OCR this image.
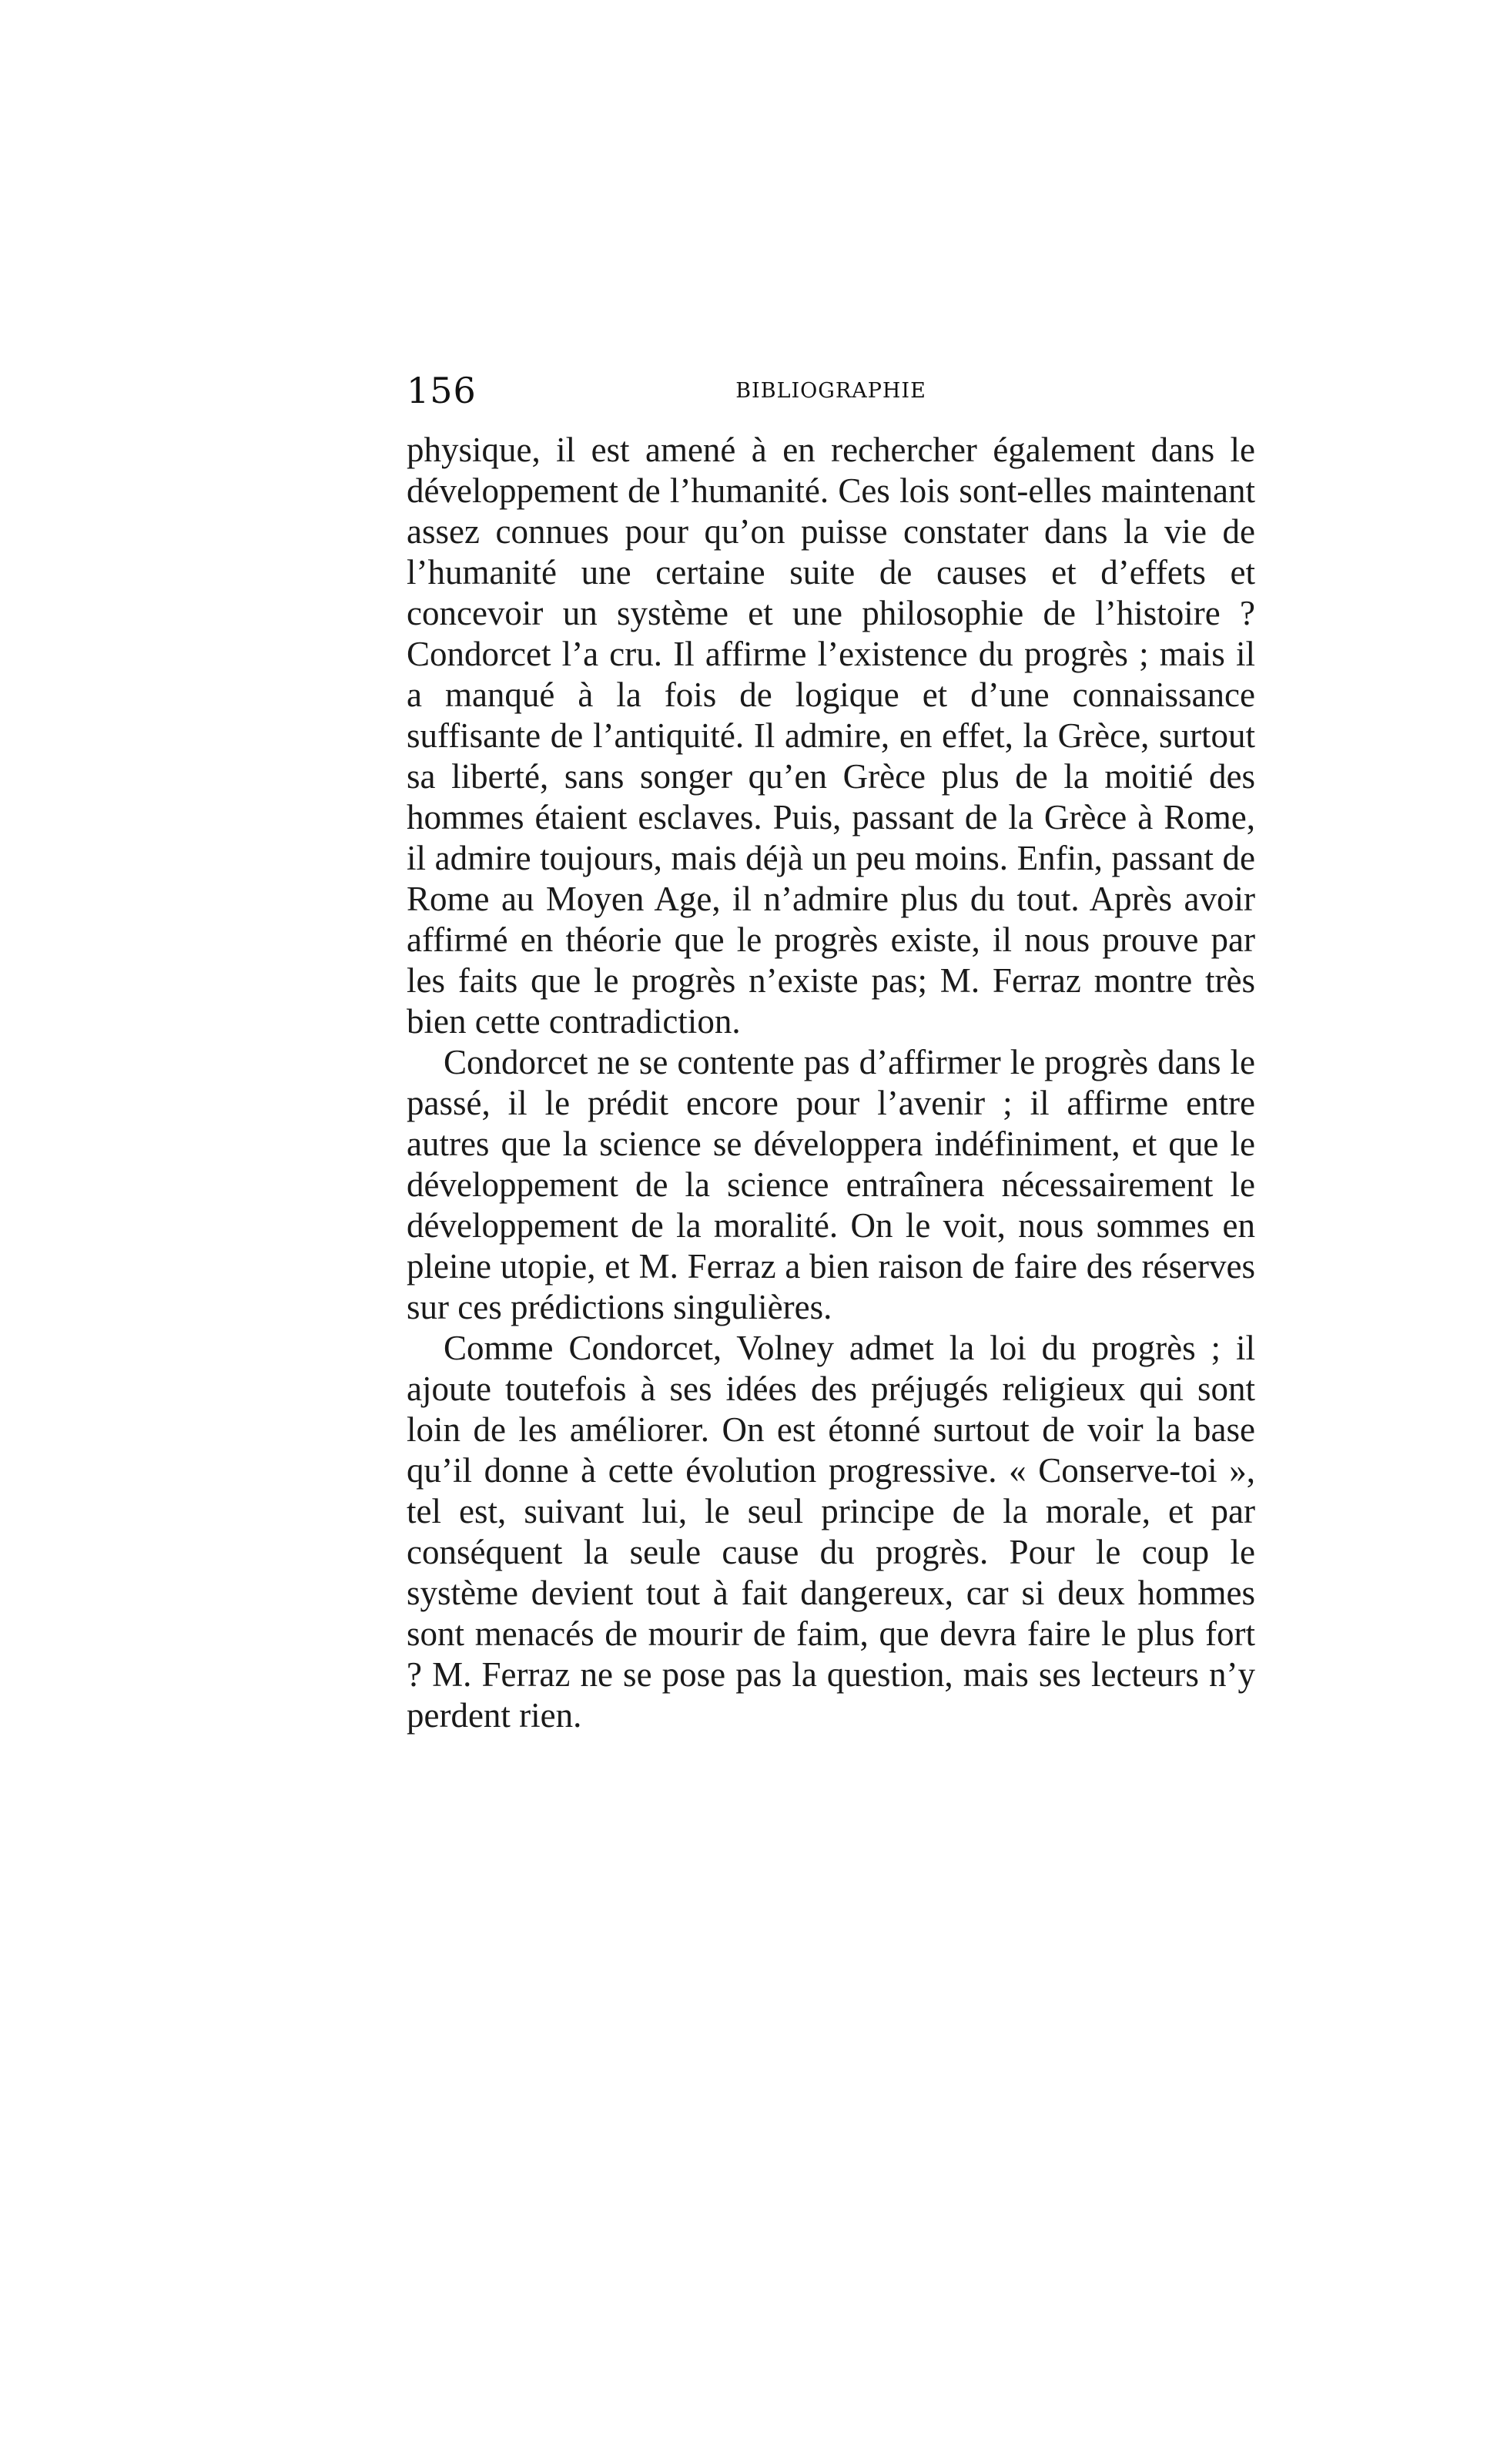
156	BIBLIOGRAPHIE

physique, il est amené à en rechercher également dans le développement de l’humanité. Ces lois sont-elles maintenant assez connues pour qu’on puisse constater dans la vie de l’humanité une certaine suite de causes et d’effets et concevoir un système et une philosophie de l’histoire ? Condorcet l’a cru. Il affirme l’existence du progrès ; mais il a manqué à la fois de logique et d’une connaissance suffisante de l’antiquité. Il admire, en effet, la Grèce, surtout sa liberté, sans songer qu’en Grèce plus de la moitié des hommes étaient esclaves. Puis, passant de la Grèce à Rome, il admire toujours, mais déjà un peu moins. Enfin, passant de Rome au Moyen Age, il n’admire plus du tout. Après avoir affirmé en théorie que le progrès existe, il nous prouve par les faits que le progrès n’existe pas; M. Ferraz montre très bien cette contradiction.

Condorcet ne se contente pas d’affirmer le progrès dans le passé, il le prédit encore pour l’avenir ; il affirme entre autres que la science se développera indéfiniment, et que le développement de la science entraînera nécessairement le développement de la moralité. On le voit, nous sommes en pleine utopie, et M. Ferraz a bien raison de faire des réserves sur ces prédictions singulières.

Comme Condorcet, Volney admet la loi du progrès ; il ajoute toutefois à ses idées des préjugés religieux qui sont loin de les améliorer. On est étonné surtout de voir la base qu’il donne à cette évolution progressive. « Conserve-toi », tel est, suivant lui, le seul principe de la morale, et par conséquent la seule cause du progrès. Pour le coup le système devient tout à fait dangereux, car si deux hommes sont menacés de mourir de faim, que devra faire le plus fort ? M. Ferraz ne se pose pas la question, mais ses lecteurs n’y perdent rien.
